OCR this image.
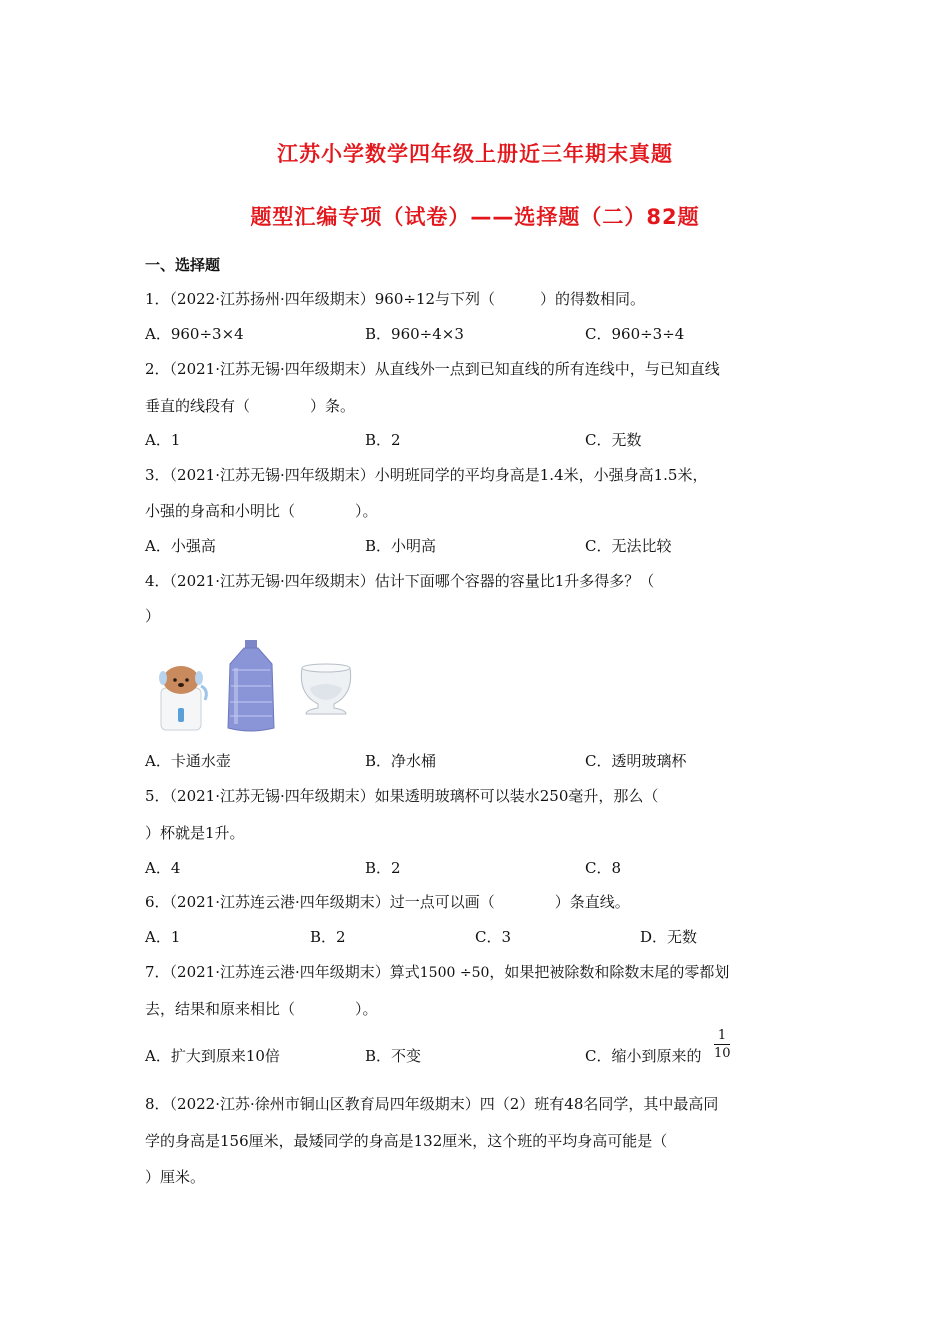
江苏小学数学四年级上册近三年期末真题
题型汇编专项（试卷）——选择题（二）82题
一、选择题
1．（2022·江苏扬州·四年级期末）960÷12与下列（　　　）的得数相同。
A．960÷3×4	B．960÷4×3	C．960÷3÷4
2．（2021·江苏无锡·四年级期末）从直线外一点到已知直线的所有连线中，与已知直线
垂直的线段有（　　　　）条。
A．1	B．2	C．无数
3．（2021·江苏无锡·四年级期末）小明班同学的平均身高是1.4米，小强身高1.5米，
小强的身高和小明比（　　　　）。
A．小强高	B．小明高	C．无法比较
4．（2021·江苏无锡·四年级期末）估计下面哪个容器的容量比1升多得多？（
）
A．卡通水壶	B．净水桶	C．透明玻璃杯
5．（2021·江苏无锡·四年级期末）如果透明玻璃杯可以装水250毫升，那么（
）杯就是1升。
A．4	B．2	C．8
6．（2021·江苏连云港·四年级期末）过一点可以画（　　　　）条直线。
A．1	B．2	C．3	D．无数
7．（2021·江苏连云港·四年级期末）算式1500 ÷50，如果把被除数和除数末尾的零都划
去，结果和原来相比（　　　　）。
A．扩大到原来10倍	B．不变	C．缩小到原来的
1
10
8．（2022·江苏·徐州市铜山区教育局四年级期末）四（2）班有48名同学，其中最高同
学的身高是156厘米，最矮同学的身高是132厘米，这个班的平均身高可能是（
）厘米。
